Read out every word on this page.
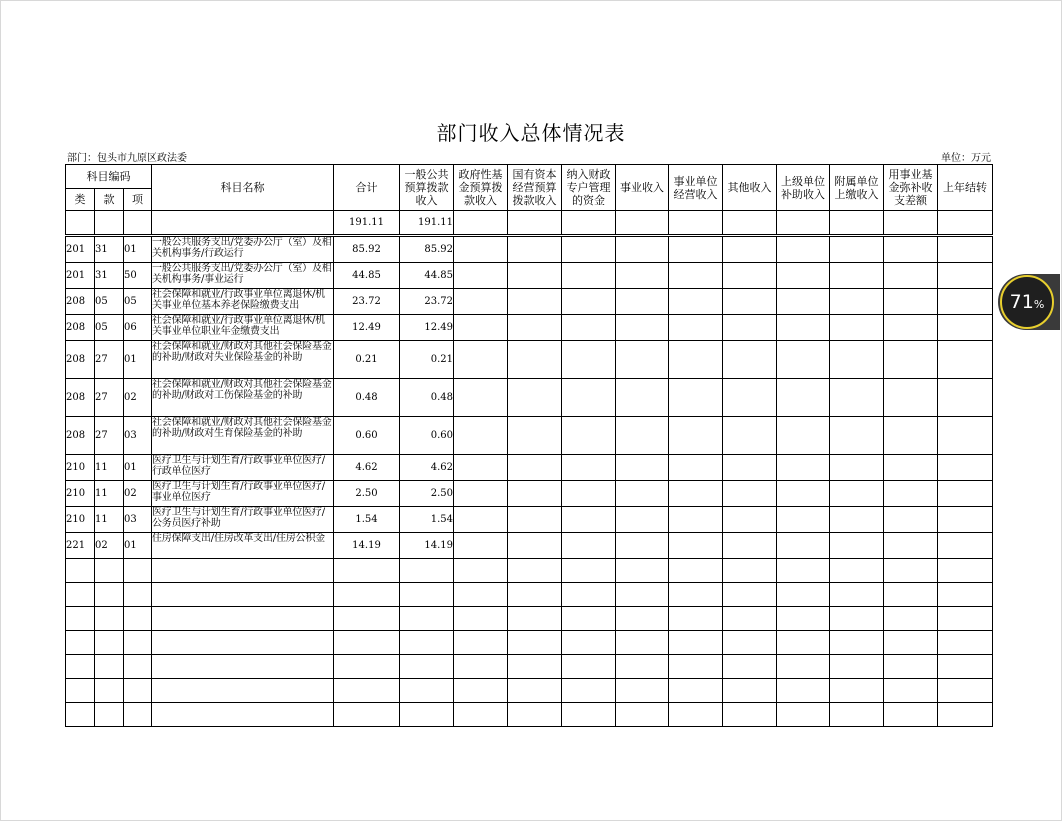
部门收入总体情况表
部门：包头市九原区政法委	单位：万元
科目编码			科目名称	合计	一般公共预算拨款收入	政府性基金预算拨款收入	国有资本经营预算拨款收入	纳入财政专户管理的资金	事业收入	事业单位经营收入	其他收入	上级单位补助收入	附属单位上缴收入	用事业基金弥补收支差额	上年结转
类	款	项													
				191.11	191.11										

201	31	01	一般公共服务支出/党委办公厅（室）及相关机构事务/行政运行	85.92	85.92										
201	31	50	一般公共服务支出/党委办公厅（室）及相关机构事务/事业运行	44.85	44.85										
208	05	05	社会保障和就业/行政事业单位离退休/机关事业单位基本养老保险缴费支出	23.72	23.72										
208	05	06	社会保障和就业/行政事业单位离退休/机关事业单位职业年金缴费支出	12.49	12.49										
208	27	01	社会保障和就业/财政对其他社会保险基金的补助/财政对失业保险基金的补助	0.21	0.21										
208	27	02	社会保障和就业/财政对其他社会保险基金的补助/财政对工伤保险基金的补助	0.48	0.48										
208	27	03	社会保障和就业/财政对其他社会保险基金的补助/财政对生育保险基金的补助	0.60	0.60										
210	11	01	医疗卫生与计划生育/行政事业单位医疗/行政单位医疗	4.62	4.62										
210	11	02	医疗卫生与计划生育/行政事业单位医疗/事业单位医疗	2.50	2.50										
210	11	03	医疗卫生与计划生育/行政事业单位医疗/公务员医疗补助	1.54	1.54										
221	02	01	住房保障支出/住房改革支出/住房公积金	14.19	14.19										

71%
